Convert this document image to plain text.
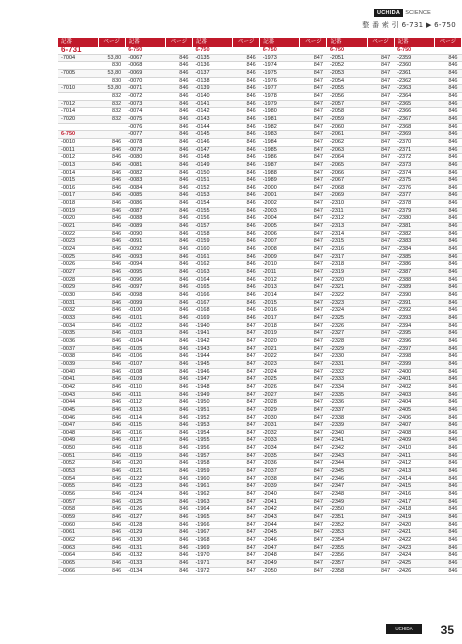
UCHIDA SCIENCE
整 番 索 引 6-731 ▶ 6-750
記番	ページ	記番	ページ	記番	ページ	記番	ページ	記番	ページ	記番	ページ
6-731		6-750		6-750		6-750		6-750		6-750	
-7004	53,80	-0067	846	-0135	846	-1973	847	-2051	847	-2359	846
	830	-0068	846	-0136	846	-1974	847	-2052	847	-2360	846
-7005	53,80	-0069	846	-0137	846	-1975	847	-2053	847	-2361	846
	830	-0070	846	-0138	846	-1976	847	-2054	847	-2362	846
-7010	53,80	-0071	846	-0139	846	-1977	847	-2055	847	-2363	846
	832	-0072	846	-0140	846	-1978	847	-2056	847	-2364	846
-7012	832	-0073	846	-0141	846	-1979	847	-2057	847	-2365	846
-7014	832	-0074	846	-0142	846	-1980	847	-2058	847	-2366	846
-7020	832	-0075	846	-0143	846	-1981	847	-2059	847	-2367	846
		-0076	846	-0144	846	-1982	847	-2060	847	-2368	846
6-750		-0077	846	-0145	846	-1983	847	-2061	847	-2369	846
-0010	846	-0078	846	-0146	846	-1984	847	-2062	847	-2370	846
-0011	846	-0079	846	-0147	846	-1985	847	-2063	847	-2371	846
-0012	846	-0080	846	-0148	846	-1986	847	-2064	847	-2372	846
-0013	846	-0081	846	-0149	846	-1987	847	-2065	847	-2373	846
-0014	846	-0082	846	-0150	846	-1988	847	-2066	847	-2374	846
-0015	846	-0083	846	-0151	846	-1989	847	-2067	847	-2375	846
-0016	846	-0084	846	-0152	846	-2000	847	-2068	847	-2376	846
-0017	846	-0085	846	-0153	846	-2001	847	-2069	847	-2377	846
-0018	846	-0086	846	-0154	846	-2002	847	-2310	847	-2378	846
-0019	846	-0087	846	-0155	846	-2003	847	-2311	847	-2379	846
-0020	846	-0088	846	-0156	846	-2004	847	-2312	847	-2380	846
-0021	846	-0089	846	-0157	846	-2005	847	-2313	847	-2381	846
-0022	846	-0090	846	-0158	846	-2006	847	-2314	847	-2382	846
-0023	846	-0091	846	-0159	846	-2007	847	-2315	847	-2383	846
-0024	846	-0092	846	-0160	846	-2008	847	-2316	847	-2384	846
-0025	846	-0093	846	-0161	846	-2009	847	-2317	847	-2385	846
-0026	846	-0094	846	-0162	846	-2010	847	-2318	847	-2386	846
-0027	846	-0095	846	-0163	846	-2011	847	-2319	847	-2387	846
-0028	846	-0096	846	-0164	846	-2012	847	-2320	847	-2388	846
-0029	846	-0097	846	-0165	846	-2013	847	-2321	847	-2389	846
-0030	846	-0098	846	-0166	846	-2014	847	-2322	847	-2390	846
-0031	846	-0099	846	-0167	846	-2015	847	-2323	847	-2391	846
-0032	846	-0100	846	-0168	846	-2016	847	-2324	847	-2392	846
-0033	846	-0101	846	-0169	846	-2017	847	-2325	847	-2393	846
-0034	846	-0102	846	-1940	847	-2018	847	-2326	847	-2394	846
-0035	846	-0103	846	-1941	847	-2019	847	-2327	847	-2395	846
-0036	846	-0104	846	-1942	847	-2020	847	-2328	847	-2396	846
-0037	846	-0105	846	-1943	847	-2021	847	-2329	847	-2397	846
-0038	846	-0106	846	-1944	847	-2022	847	-2330	847	-2398	846
-0039	846	-0107	846	-1945	847	-2023	847	-2331	847	-2399	846
-0040	846	-0108	846	-1946	847	-2024	847	-2332	847	-2400	846
-0041	846	-0109	846	-1947	847	-2025	847	-2333	847	-2401	846
-0042	846	-0110	846	-1948	847	-2026	847	-2334	847	-2402	846
-0043	846	-0111	846	-1949	847	-2027	847	-2335	847	-2403	846
-0044	846	-0112	846	-1950	847	-2028	847	-2336	847	-2404	846
-0045	846	-0113	846	-1951	847	-2029	847	-2337	847	-2405	846
-0046	846	-0114	846	-1952	847	-2030	847	-2338	847	-2406	846
-0047	846	-0115	846	-1953	847	-2031	847	-2339	847	-2407	846
-0048	846	-0116	846	-1954	847	-2032	847	-2340	847	-2408	846
-0049	846	-0117	846	-1955	847	-2033	847	-2341	847	-2409	846
-0050	846	-0118	846	-1956	847	-2034	847	-2342	847	-2410	846
-0051	846	-0119	846	-1957	847	-2035	847	-2343	847	-2411	846
-0052	846	-0120	846	-1958	847	-2036	847	-2344	847	-2412	846
-0053	846	-0121	846	-1959	847	-2037	847	-2345	847	-2413	846
-0054	846	-0122	846	-1960	847	-2038	847	-2346	847	-2414	846
-0055	846	-0123	846	-1961	847	-2039	847	-2347	847	-2415	846
-0056	846	-0124	846	-1962	847	-2040	847	-2348	847	-2416	846
-0057	846	-0125	846	-1963	847	-2041	847	-2349	847	-2417	846
-0058	846	-0126	846	-1964	847	-2042	847	-2350	847	-2418	846
-0059	846	-0127	846	-1965	847	-2043	847	-2351	847	-2419	846
-0060	846	-0128	846	-1966	847	-2044	847	-2352	847	-2420	846
-0061	846	-0129	846	-1967	847	-2045	847	-2353	847	-2421	846
-0062	846	-0130	846	-1968	847	-2046	847	-2354	847	-2422	846
-0063	846	-0131	846	-1969	847	-2047	847	-2355	847	-2423	846
-0064	846	-0132	846	-1970	847	-2048	847	-2356	847	-2424	846
-0065	846	-0133	846	-1971	847	-2049	847	-2357	847	-2425	846
-0066	846	-0134	846	-1972	847	-2050	847	-2358	847	-2426	846
UCHIDA	35
